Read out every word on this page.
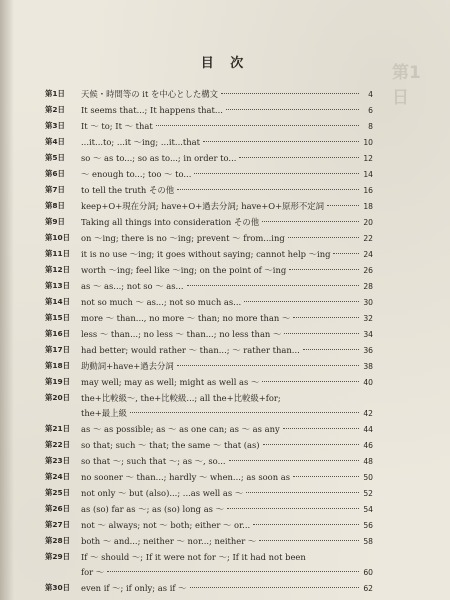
第1日
目 次
第1日 天候・時間等の it を中心とした構文	4
第2日 It seems that...; It happens that...	6
第3日 It ～ to; It ～ that	8
第4日 ...it...to; ...it ～ing; ...it...that	10
第5日 so ～ as to...; so as to...; in order to...	12
第6日 ～ enough to...; too ～ to...	14
第7日 to tell the truth その他	16
第8日 keep+O+現在分詞; have+O+過去分詞; have+O+原形不定詞	18
第9日 Taking all things into consideration その他	20
第10日 on ～ing; there is no ～ing; prevent ～ from...ing	22
第11日 it is no use ～ing; it goes without saying; cannot help ～ing	24
第12日 worth ～ing; feel like ～ing; on the point of ～ing	26
第13日 as ～ as...; not so ～ as...	28
第14日 not so much ～ as...; not so much as...	30
第15日 more ～ than..., no more ～ than; no more than ～	32
第16日 less ～ than...; no less ～ than...; no less than ～	34
第17日 had better; would rather ～ than...; ～ rather than...	36
第18日 助動詞+have+過去分詞	38
第19日 may well; may as well; might as well as ～	40
第20日 the+比較級～, the+比較級...; all the+比較級+for;
the+最上級	42
第21日 as ～ as possible; as ～ as one can; as ～ as any	44
第22日 so that; such ～ that; the same ～ that (as)	46
第23日 so that ～; such that ～; as ～, so...	48
第24日 no sooner ～ than...; hardly ～ when...; as soon as	50
第25日 not only ～ but (also)...; ...as well as ～	52
第26日 as (so) far as ～; as (so) long as ～	54
第27日 not ～ always; not ～ both; either ～ or...	56
第28日 both ～ and...; neither ～ nor...; neither ～	58
第29日 If ～ should ～; If it were not for ～; If it had not been
for ～	60
第30日 even if ～; if only; as if ～	62
